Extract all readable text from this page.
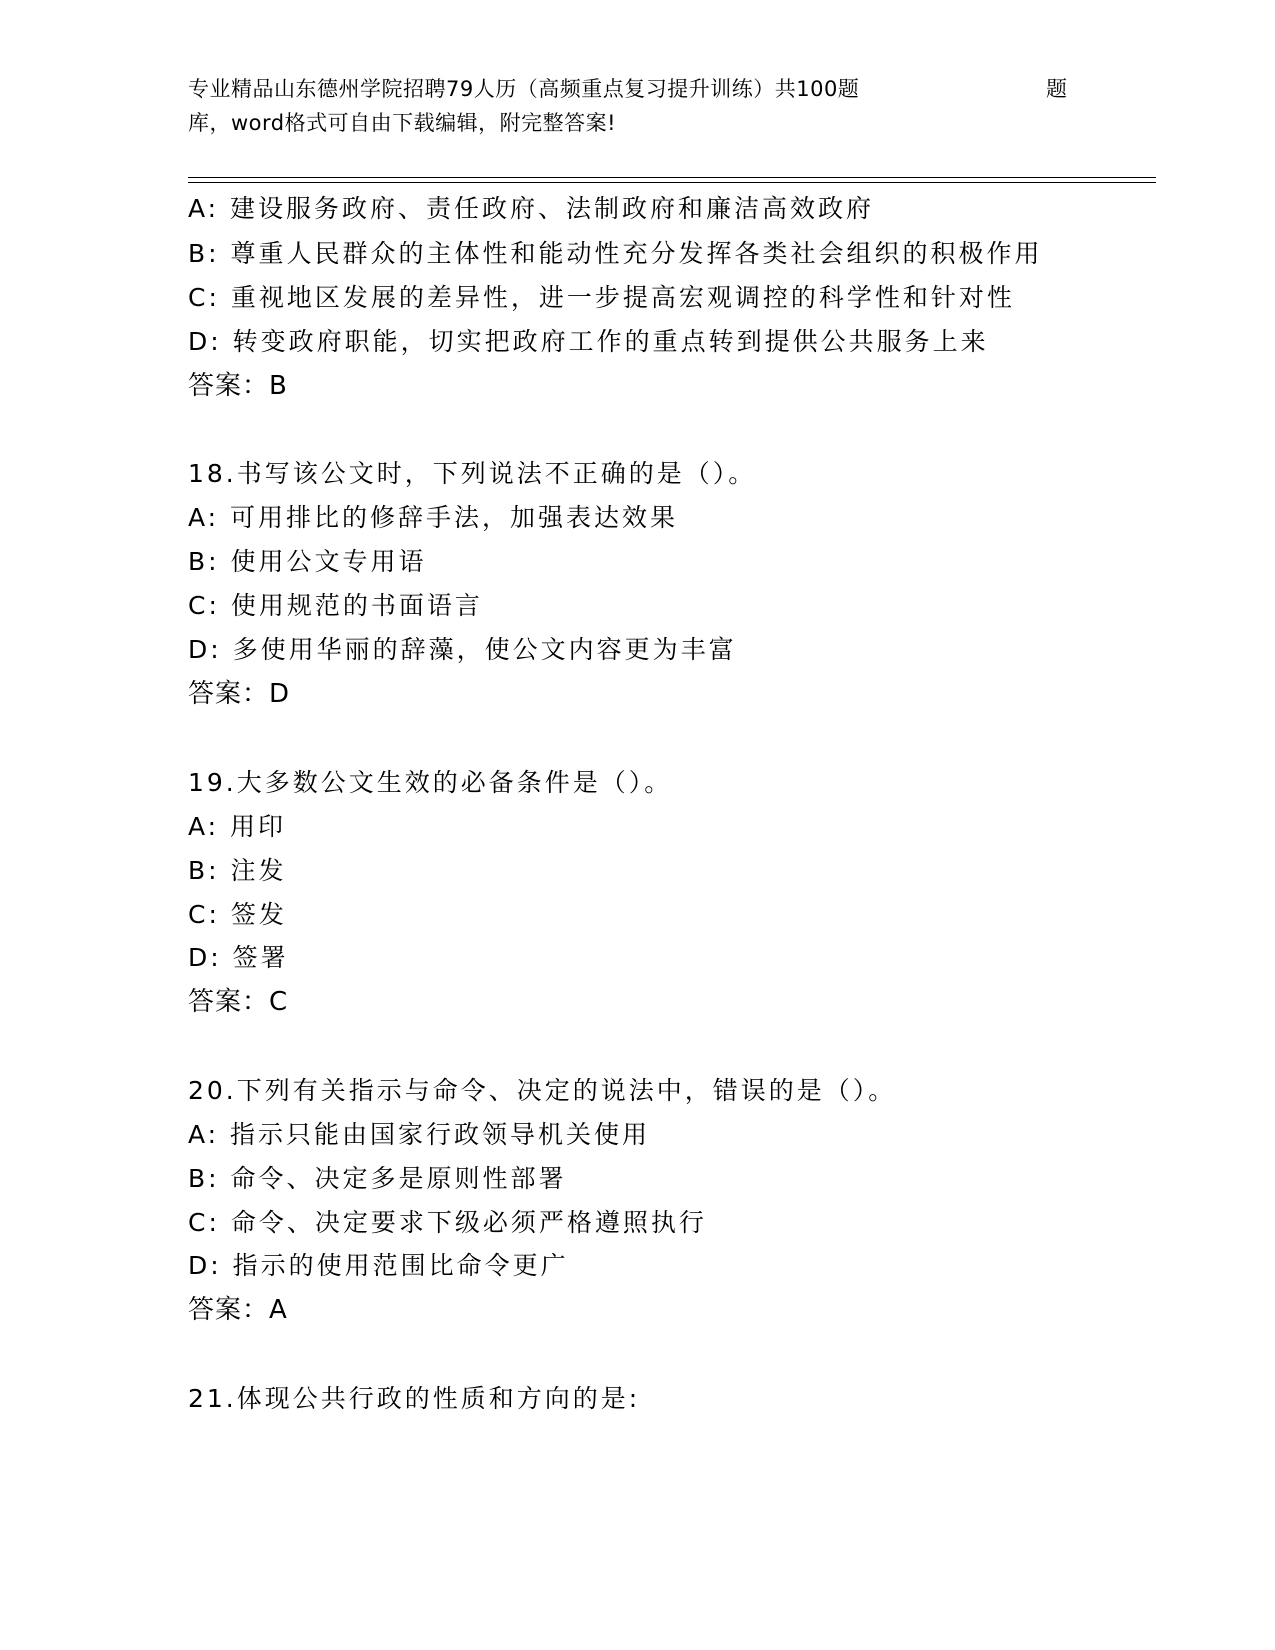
专业精品山东德州学院招聘79人历（高频重点复习提升训练）共100题	题
库，word格式可自由下载编辑，附完整答案!
A: 建设服务政府、责任政府、法制政府和廉洁高效政府
B: 尊重人民群众的主体性和能动性充分发挥各类社会组织的积极作用
C: 重视地区发展的差异性，进一步提高宏观调控的科学性和针对性
D: 转变政府职能，切实把政府工作的重点转到提供公共服务上来
答案：B
18.书写该公文时，下列说法不正确的是（）。
A: 可用排比的修辞手法，加强表达效果
B: 使用公文专用语
C: 使用规范的书面语言
D: 多使用华丽的辞藻，使公文内容更为丰富
答案：D
19.大多数公文生效的必备条件是（）。
A: 用印
B: 注发
C: 签发
D: 签署
答案：C
20.下列有关指示与命令、决定的说法中，错误的是（）。
A: 指示只能由国家行政领导机关使用
B: 命令、决定多是原则性部署
C: 命令、决定要求下级必须严格遵照执行
D: 指示的使用范围比命令更广
答案：A
21.体现公共行政的性质和方向的是:
